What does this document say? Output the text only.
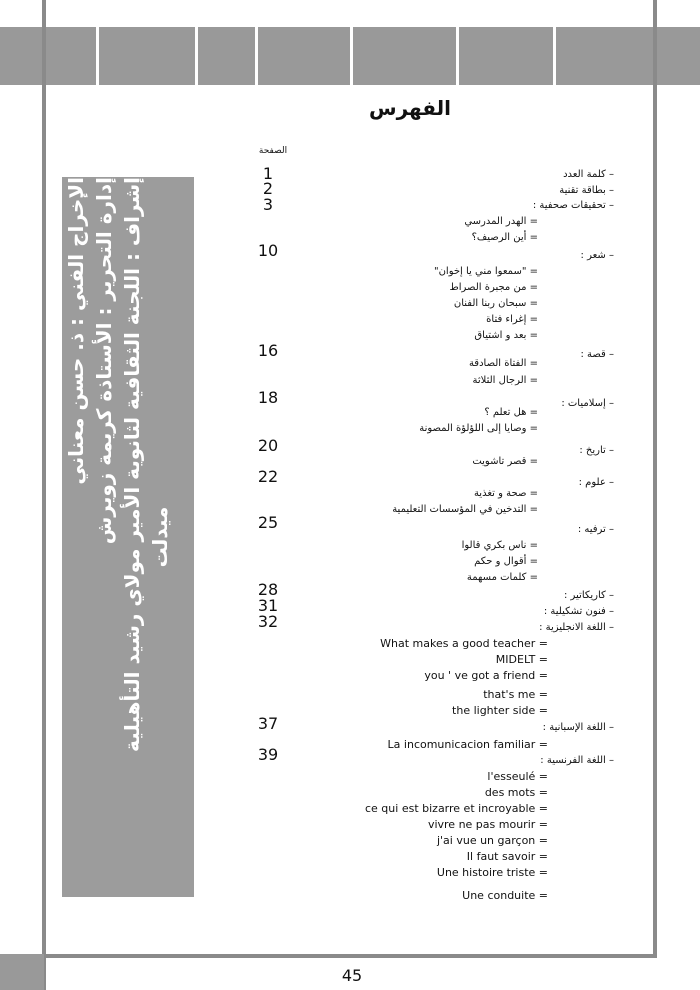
الإخراج الفني : ذ. حسن معناني إدارة التحرير : الأستاذة كريمة زويرش إشراف : اللجنة الثقافية لثانوية الأمير مولاي رشيد التأهيلية ميدلت
الفهرس
الصفحة
1
2
3
10
16
18
20
22
25
28
31
32
37
39
– كلمة العدد
– بطاقة تقنية
– تحقيقات صحفية :
= الهدر المدرسي
= أين الرصيف؟
– شعر :
= "سمعوا مني يا إخوان"
= من مجبرة الصراط
= سبحان ربنا الفنان
= إغراء فتاة
= بعد و اشتياق
– قصة :
= الفتاة الصادقة
= الرجال الثلاثة
– إسلاميات :
= هل تعلم ؟
= وصايا إلى اللؤلؤة المصونة
– تاريخ :
= قصر تاشويت
– علوم :
= صحة و تغذية
= التدخين في المؤسسات التعليمية
– ترفيه :
= ناس بكري قالوا
= أقوال و حكم
= كلمات مسهمة
– كاريكاتير :
– فنون تشكيلية :
– اللغة الانجليزية :
What makes a good teacher =
MIDELT =
you ' ve got a friend =
that's me =
the lighter side =
– اللغة الإسبانية :
La incomunicacion familiar =
– اللغة الفرنسية :
l'esseulé =
des mots =
ce qui est bizarre et incroyable =
vivre ne pas mourir =
j'ai vue un garçon =
Il faut savoir =
Une histoire triste =
Une conduite =
45
